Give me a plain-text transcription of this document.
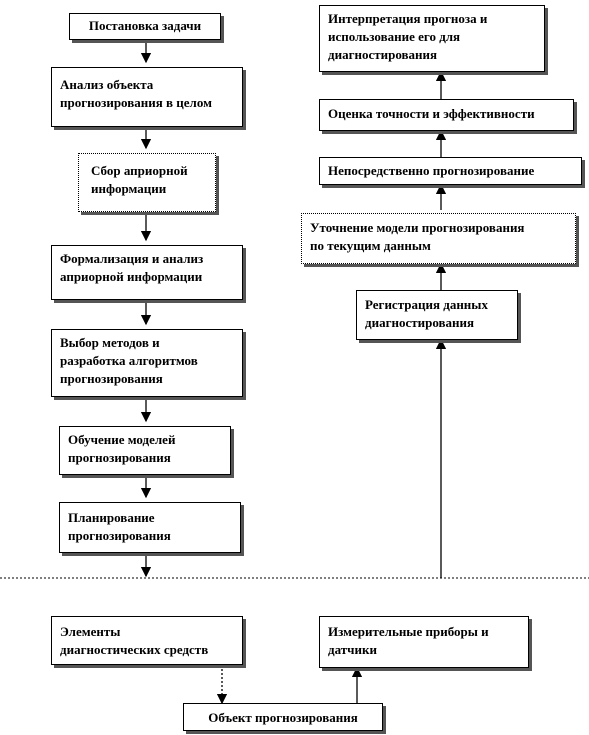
Постановка задачи
Анализ объекта
прогнозирования в целом
Сбор априорной
информации
Формализация и анализ
априорной информации
Выбор методов и
разработка алгоритмов
прогнозирования
Обучение моделей
прогнозирования
Планирование
прогнозирования
Интерпретация прогноза и
использование его для
диагностирования
Оценка точности и эффективности
Непосредственно прогнозирование
Уточнение модели прогнозирования
по текущим данным
Регистрация данных
диагностирования
Элементы
диагностических средств
Измерительные приборы и
датчики
Объект прогнозирования
